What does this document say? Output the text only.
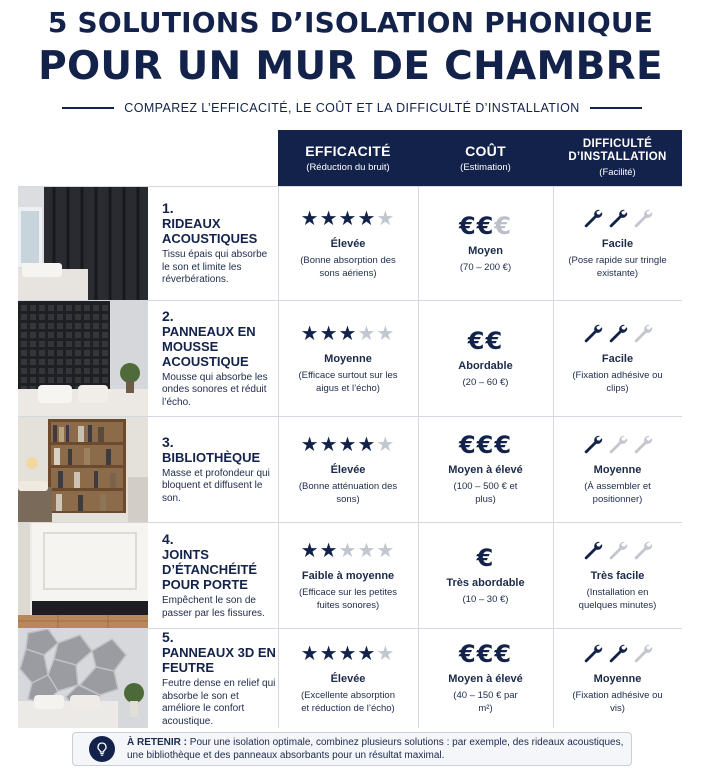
5 SOLUTIONS D’ISOLATION PHONIQUE
POUR UN MUR DE CHAMBRE
COMPAREZ L’EFFICACITÉ, LE COÛT ET LA DIFFICULTÉ D’INSTALLATION
EFFICACITÉ
(Réduction du bruit)
COÛT
(Estimation)
DIFFICULTÉ
D’INSTALLATION
(Facilité)
1.
RIDEAUX ACOUSTIQUES
Tissu épais qui absorbe le son et limite les réverbérations.
★★★★★
Élevée
(Bonne absorption des sons aériens)
€€€
Moyen
(70 – 200 €)
Facile
(Pose rapide sur tringle existante)
2.
PANNEAUX EN MOUSSE ACOUSTIQUE
Mousse qui absorbe les ondes sonores et réduit l’écho.
★★★★★
Moyenne
(Efficace surtout sur les aigus et l’écho)
€€
Abordable
(20 – 60 €)
Facile
(Fixation adhésive ou clips)
3.
BIBLIOTHÈQUE
Masse et profondeur qui bloquent et diffusent le son.
★★★★★
Élevée
(Bonne atténuation des sons)
€€€
Moyen à élevé
(100 – 500 € et plus)
Moyenne
(À assembler et positionner)
4.
JOINTS D’ÉTANCHÉITÉ POUR PORTE
Empêchent le son de passer par les fissures.
★★★★★
Faible à moyenne
(Efficace sur les petites fuites sonores)
€
Très abordable
(10 – 30 €)
Très facile
(Installation en quelques minutes)
5.
PANNEAUX 3D EN FEUTRE
Feutre dense en relief qui absorbe le son et améliore le confort acoustique.
★★★★★
Élevée
(Excellente absorption et réduction de l’écho)
€€€
Moyen à élevé
(40 – 150 € par m²)
Moyenne
(Fixation adhésive ou vis)
À RETENIR : Pour une isolation optimale, combinez plusieurs solutions : par exemple, des rideaux acoustiques, une bibliothèque et des panneaux absorbants pour un résultat maximal.
